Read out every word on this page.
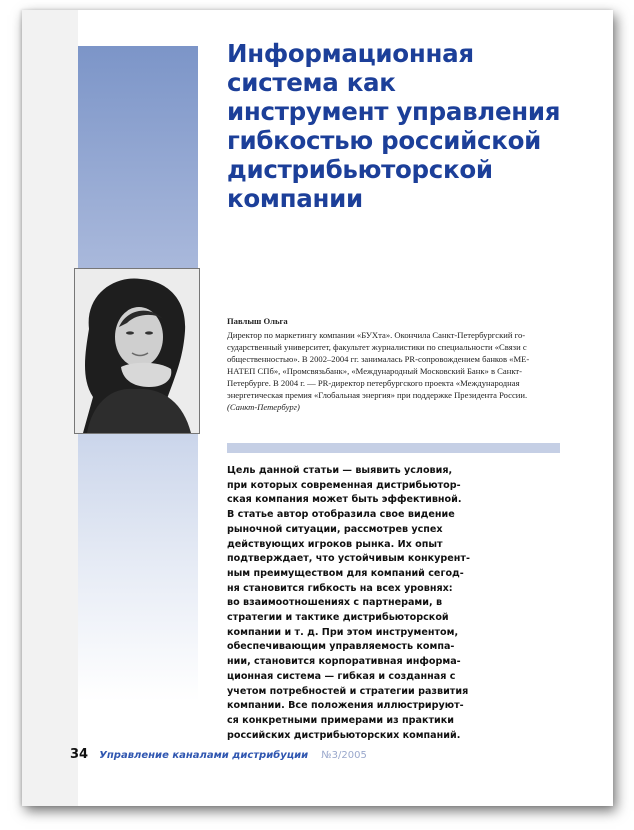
Информационная
система как
инструмент управления
гибкостью российской
дистрибьюторской
компании
Павлыш Ольга
Директор по маркетингу компании «БУХта». Окончила Санкт-Петербургский го-
сударственный университет, факультет журналистики по специальности «Связи с
общественностью». В 2002–2004 гг. занималась PR-сопровождением банков «МЕ-
НАТЕП СПб», «Промсвязьбанк», «Международный Московский Банк» в Санкт-
Петербурге. В 2004 г. — PR-директор петербургского проекта «Международная
энергетическая премия «Глобальная энергия» при поддержке Президента России.
(Санкт-Петербург)
Цель данной статьи — выявить условия,
при которых современная дистрибьютор-
ская компания может быть эффективной.
В статье автор отобразила свое видение
рыночной ситуации, рассмотрев успех
действующих игроков рынка. Их опыт
подтверждает, что устойчивым конкурент-
ным преимуществом для компаний сегод-
ня становится гибкость на всех уровнях:
во взаимоотношениях с партнерами, в
стратегии и тактике дистрибьюторской
компании и т. д. При этом инструментом,
обеспечивающим управляемость компа-
нии, становится корпоративная информа-
ционная система — гибкая и созданная с
учетом потребностей и стратегии развития
компании. Все положения иллюстрируют-
ся конкретными примерами из практики
российских дистрибьюторских компаний.
34 Управление каналами дистрибуции №3/2005
